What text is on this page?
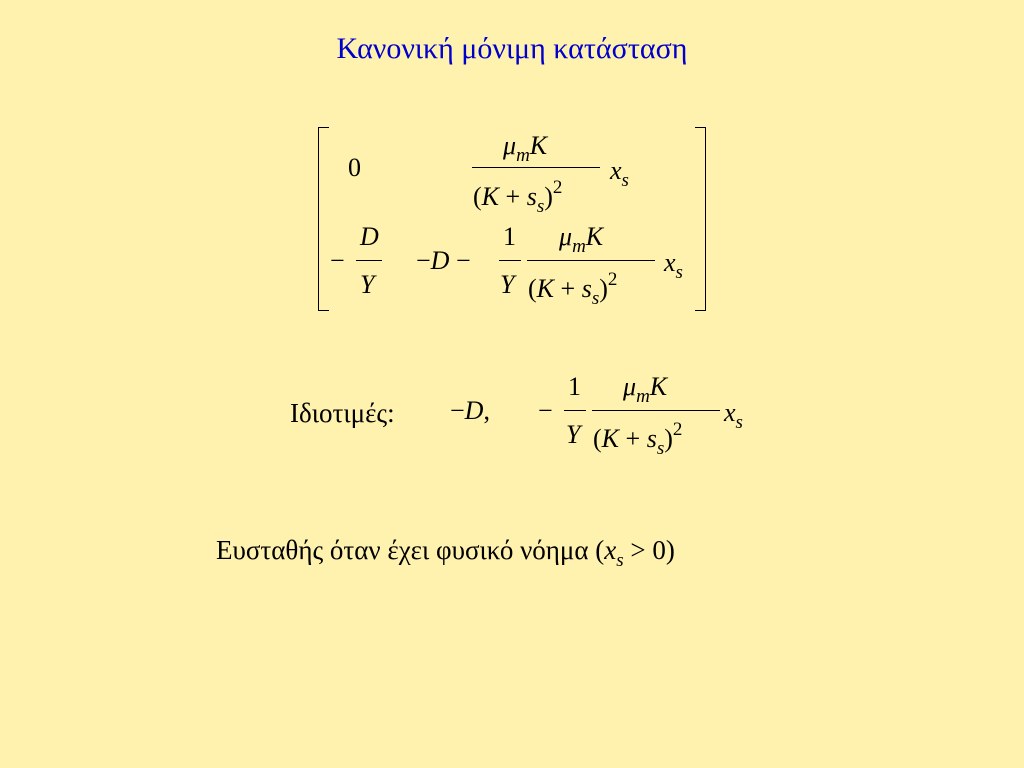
Κανονική μόνιμη κατάσταση
0
$\mu_mK$
$(K + s_s)^2$
$x_s$
−
D
Y
−D −
1
Y
$\mu_mK$
$(K + s_s)^2$
$x_s$
Ιδιοτιμές: −D, −
1
Y
$\mu_mK$
$(K + s_s)^2$
$x_s$
Ευσταθής όταν έχει φυσικό νόημα $(x_s > 0)$
